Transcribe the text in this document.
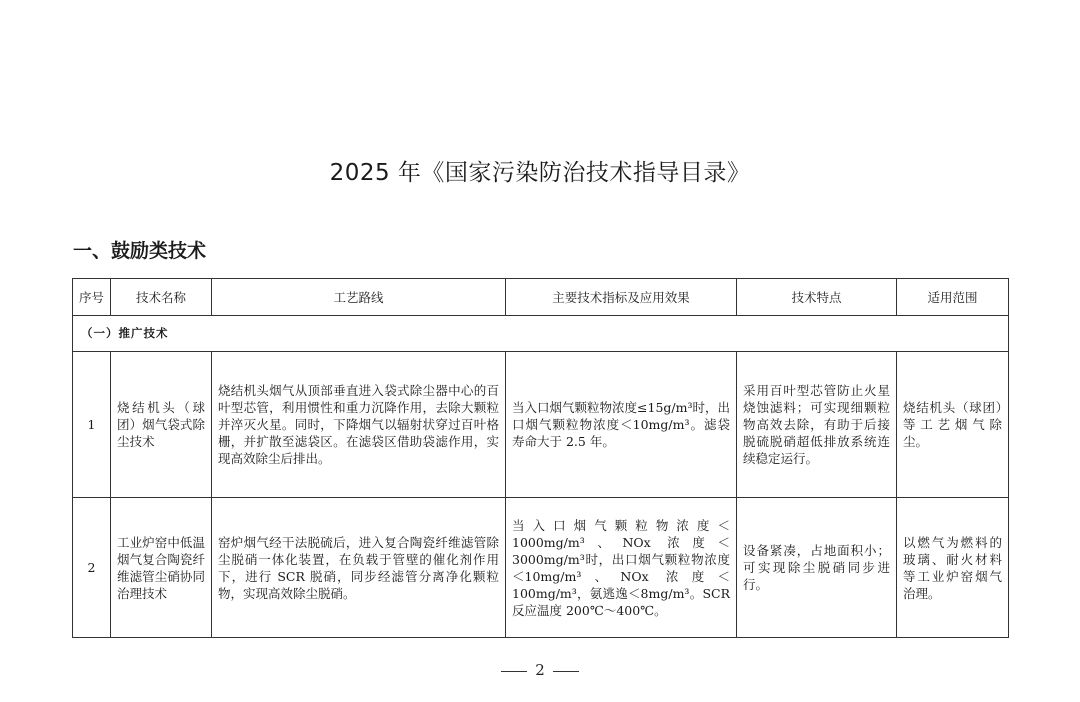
2025 年《国家污染防治技术指导目录》
一、鼓励类技术
序号	技术名称	工艺路线	主要技术指标及应用效果	技术特点	适用范围
（一）推广技术					
1	烧结机头（球团）烟气袋式除尘技术	烧结机头烟气从顶部垂直进入袋式除尘器中心的百叶型芯管，利用惯性和重力沉降作用，去除大颗粒并淬灭火星。同时，下降烟气以辐射状穿过百叶格栅，并扩散至滤袋区。在滤袋区借助袋滤作用，实现高效除尘后排出。	当入口烟气颗粒物浓度≤15g/m³时，出口烟气颗粒物浓度＜10mg/m³。滤袋寿命大于 2.5 年。	采用百叶型芯管防止火星烧蚀滤料；可实现细颗粒物高效去除，有助于后接脱硫脱硝超低排放系统连续稳定运行。	烧结机头（球团）等工艺烟气除尘。
2	工业炉窑中低温烟气复合陶瓷纤维滤管尘硝协同治理技术	窑炉烟气经干法脱硫后，进入复合陶瓷纤维滤管除尘脱硝一体化装置，在负载于管壁的催化剂作用下，进行 SCR 脱硝，同步经滤管分离净化颗粒物，实现高效除尘脱硝。	当入口烟气颗粒物浓度＜1000mg/m³、NOx 浓度＜3000mg/m³时，出口烟气颗粒物浓度＜10mg/m³、NOx 浓度＜100mg/m³，氨逃逸＜8mg/m³。SCR 反应温度 200℃～400℃。	设备紧凑，占地面积小；可实现除尘脱硝同步进行。	以燃气为燃料的玻璃、耐火材料等工业炉窑烟气治理。
2
